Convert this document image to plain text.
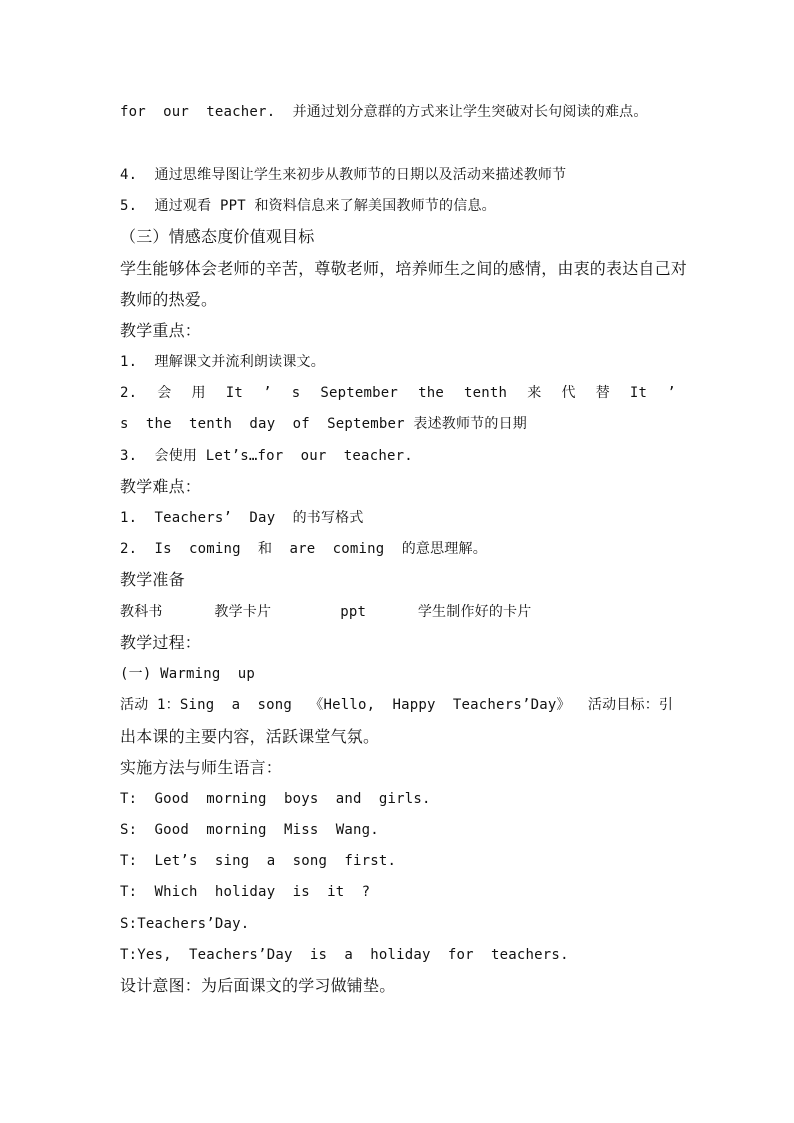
for  our  teacher.  并通过划分意群的方式来让学生突破对长句阅读的难点。
4.  通过思维导图让学生来初步从教师节的日期以及活动来描述教师节
5.  通过观看 PPT 和资料信息来了解美国教师节的信息。
（三）情感态度价值观目标
学生能够体会老师的辛苦，尊敬老师，培养师生之间的感情，由衷的表达自己对
教师的热爱。
教学重点：
1.  理解课文并流利朗读课文。
2. 会 用 It ’ s September the tenth 来 代 替 It ’
s  the  tenth  day  of  September 表述教师节的日期
3.  会使用 Let’s…for  our  teacher.
教学难点：
1.  Teachers’  Day  的书写格式
2.  Is  coming  和  are  coming  的意思理解。
教学准备
教科书      教学卡片        ppt      学生制作好的卡片
教学过程：
(一) Warming  up
活动 1：Sing  a  song  《Hello,  Happy  Teachers’Day》  活动目标：引
出本课的主要内容，活跃课堂气氛。
实施方法与师生语言：
T:  Good  morning  boys  and  girls.
S:  Good  morning  Miss  Wang.
T:  Let’s  sing  a  song  first.
T:  Which  holiday  is  it  ?
S:Teachers’Day.
T:Yes,  Teachers’Day  is  a  holiday  for  teachers.
设计意图：为后面课文的学习做铺垫。
